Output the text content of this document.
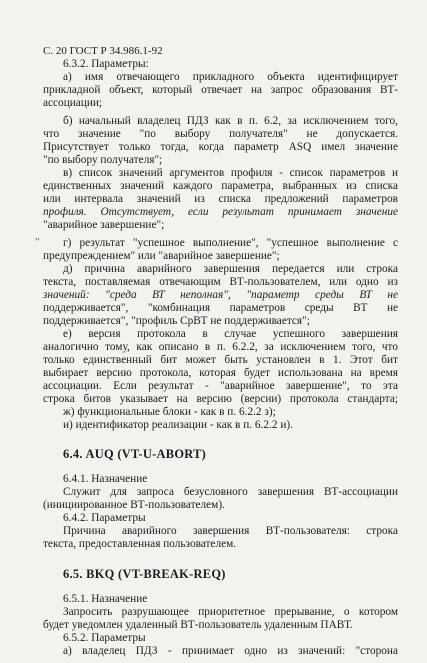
С. 20 ГОСТ Р 34.986.1-92
6.3.2. Параметры:
а) имя отвечающего прикладного объекта идентифицирует
прикладной объект, который отвечает на запрос образования ВТ-
ассоциации;
б) начальный владелец ПДЗ как в п. 6.2, за исключением того,
что значение "по выбору получателя" не допускается.
Присутствует только тогда, когда параметр ASQ имел значение
"по выбору получателя";
в) список значений аргументов профиля - список параметров и
единственных значений каждого параметра, выбранных из списка
или интервала значений из списка предложений параметров
профиля. Отсутствует, если результат принимает значение
"аварийное завершение";
г) результат "успешное выполнение", "успешное выполнение с
предупреждением" или "аварийное завершение";
д) причина аварийного завершения передается или строка
текста, поставляемая отвечающим ВТ-пользователем, или одно из
значений: "среда ВТ неполная", "параметр среды ВТ не
поддерживается", "комбинация параметров среды ВТ не
поддерживается", "профиль СрВТ не поддерживается";
е) версия протокола в случае успешного завершения
аналогично тому, как описано в п. 6.2.2, за исключением того, что
только единственный бит может быть установлен в 1. Этот бит
выбирает версию протокола, которая будет использована на время
ассоциации. Если результат - "аварийное завершение", то эта
строка битов указывает на версию (версии) протокола стандарта;
ж) функциональные блоки - как в п. 6.2.2 з);
и) идентификатор реализации - как в п. 6.2.2 и).
6.4. AUQ (VT-U-ABORT)
6.4.1. Назначение
Служит для запроса безусловного завершения ВТ-ассоциации
(инициированное ВТ-пользователем).
6.4.2. Параметры
Причина аварийного завершения ВТ-пользователя: строка
текста, предоставленная пользователем.
6.5. BKQ (VT-BREAK-REQ)
6.5.1. Назначение
Запросить разрушающее приоритетное прерывание, о котором
будет уведомлен удаленный ВТ-пользователь удаленным ПАВТ.
6.5.2. Параметры
а) владелец ПДЗ - принимает одно из значений: "сторона
"
